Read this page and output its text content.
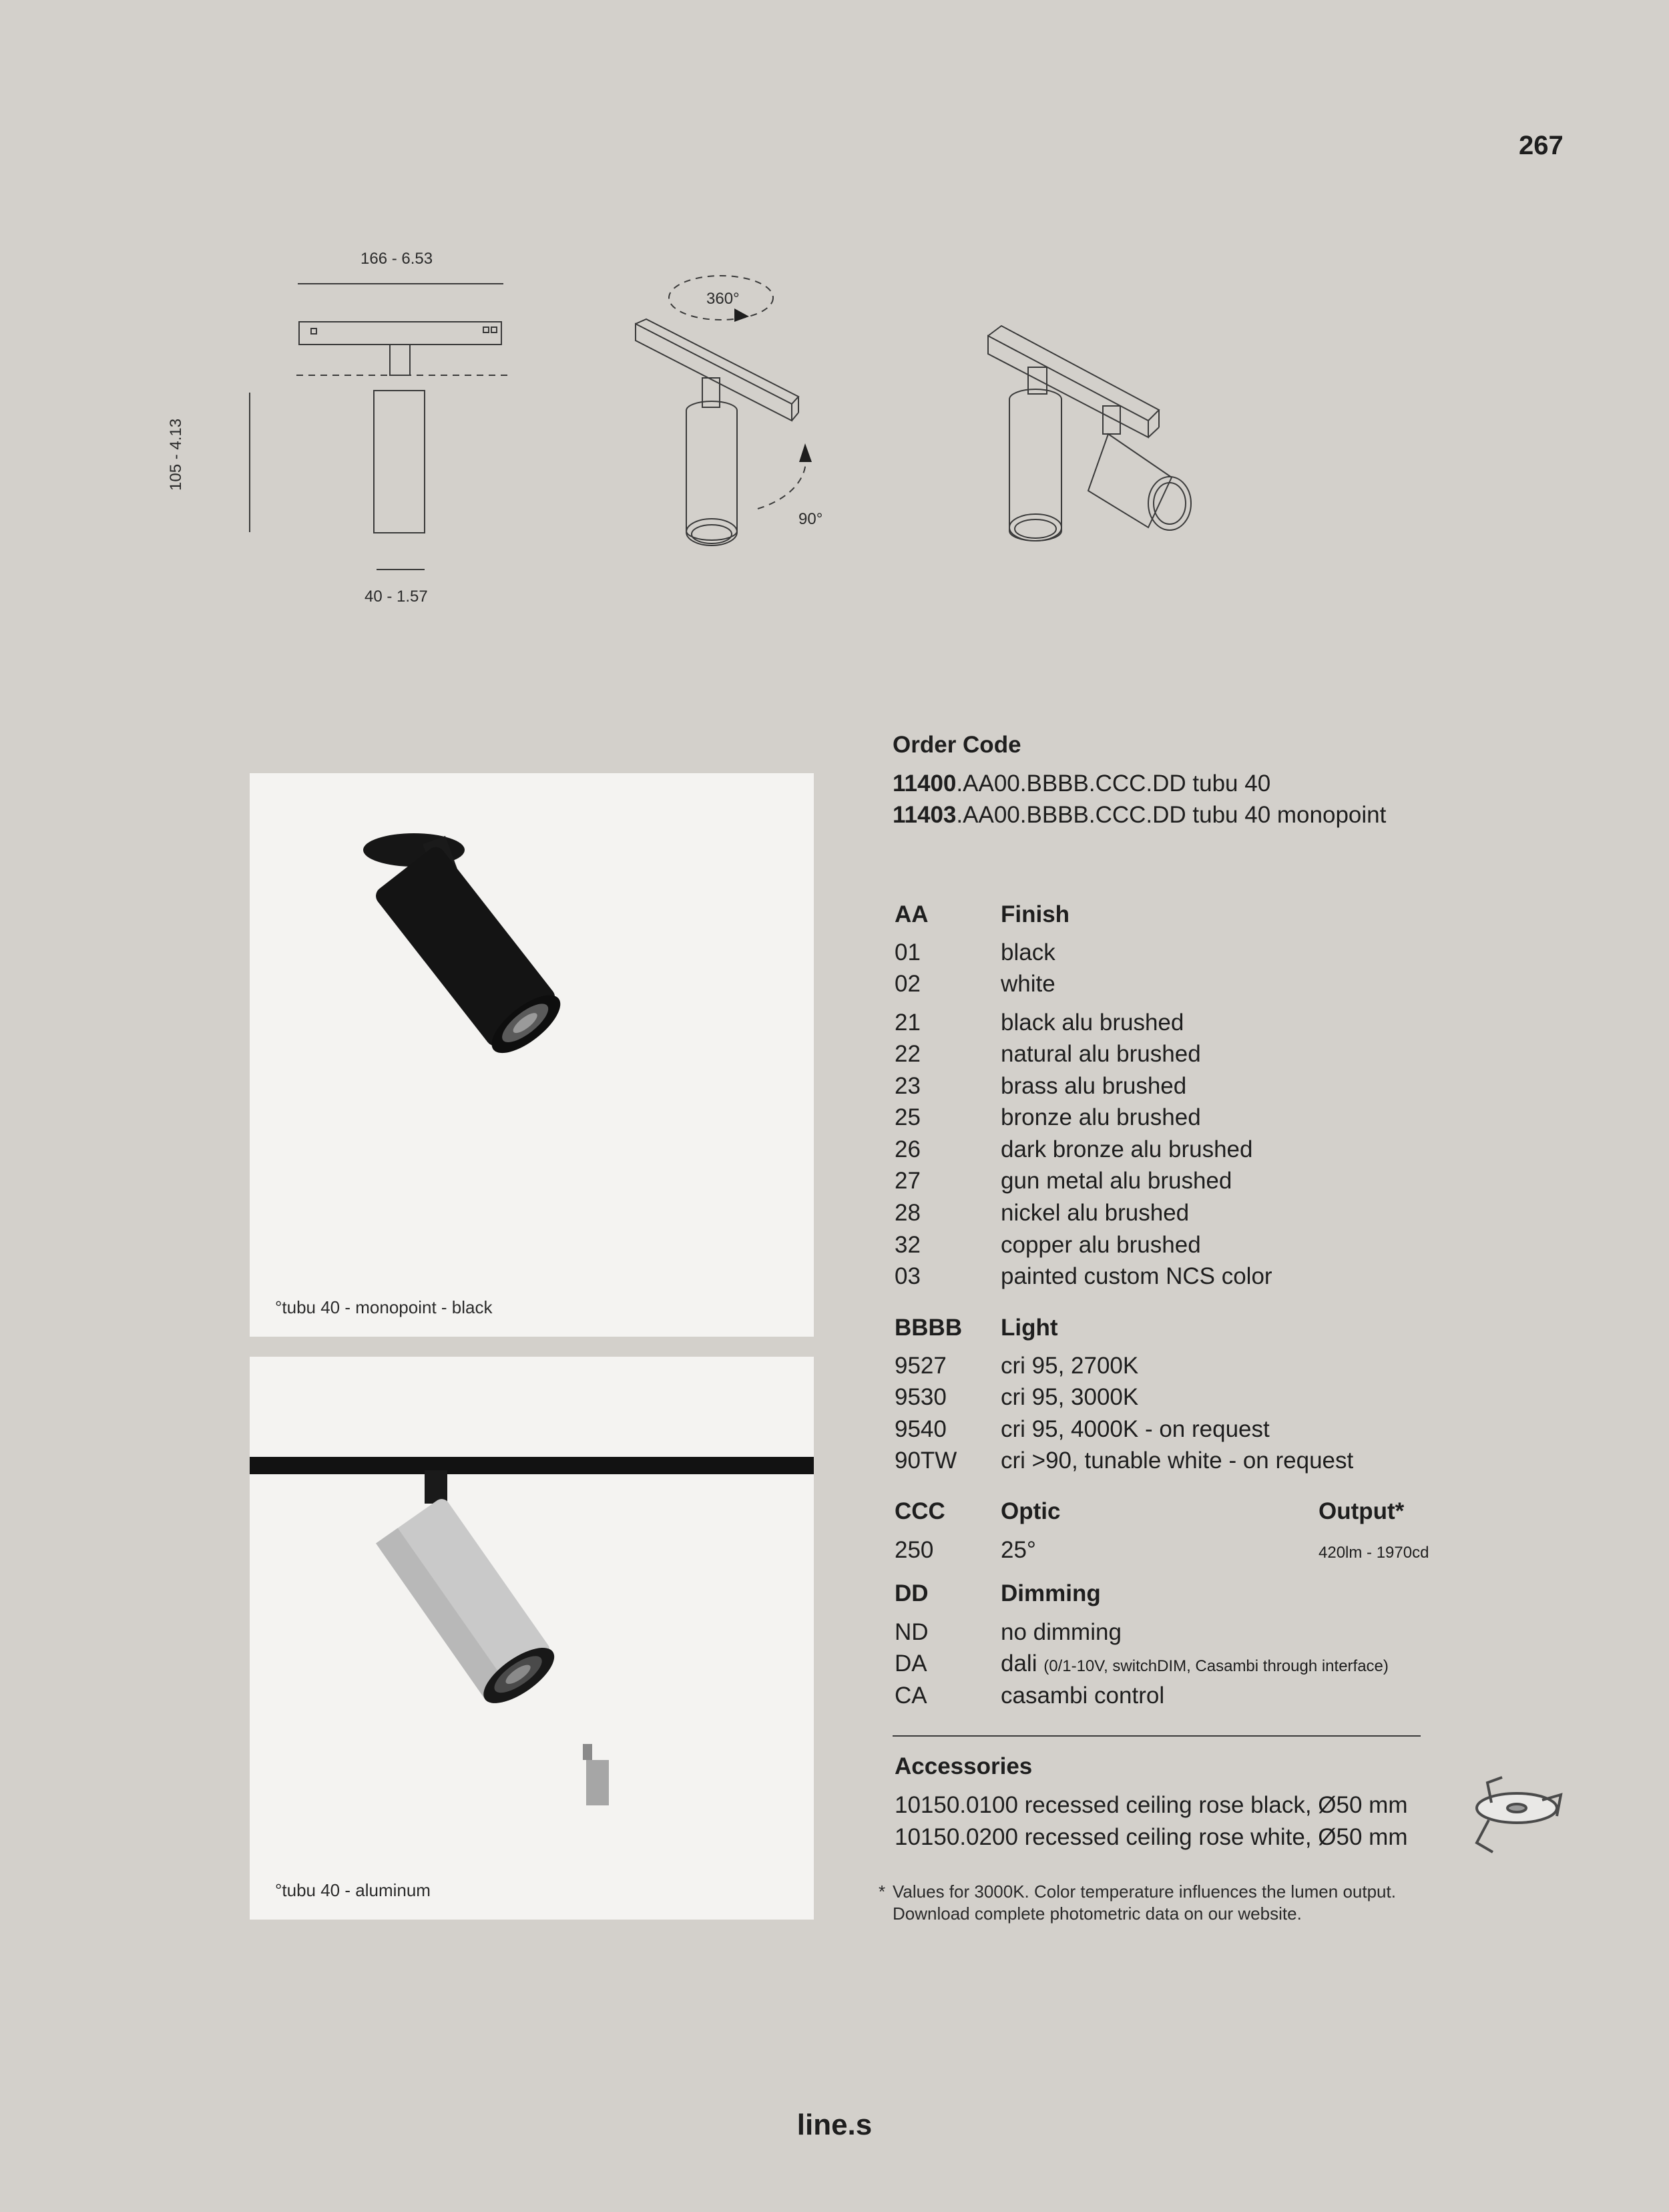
267
166 - 6.53
105 - 4.13
40 - 1.57
360°
90°
°tubu 40 - monopoint - black
°tubu 40 - aluminum
Order Code
11400.AA00.BBBB.CCC.DD tubu 40
11403.AA00.BBBB.CCC.DD tubu 40 monopoint
AA	Finish
01	black
02	white
21	black alu brushed
22	natural alu brushed
23	brass alu brushed
25	bronze alu brushed
26	dark bronze alu brushed
27	gun metal alu brushed
28	nickel alu brushed
32	copper alu brushed
03	painted custom NCS color
BBBB Light
9527 cri 95, 2700K
9530 cri 95, 3000K
9540 cri 95, 4000K - on request
90TW cri >90, tunable white - on request
CCC Optic	Output*
250	25°	420lm - 1970cd
DD	Dimming
ND	no dimming
DA	dali (0/1-10V, switchDIM, Casambi through interface)
CA	casambi control
Accessories
10150.0100 recessed ceiling rose black, Ø50 mm
10150.0200 recessed ceiling rose white, Ø50 mm
* Values for 3000K. Color temperature influences the lumen output.
Download complete photometric data on our website.
line.s
